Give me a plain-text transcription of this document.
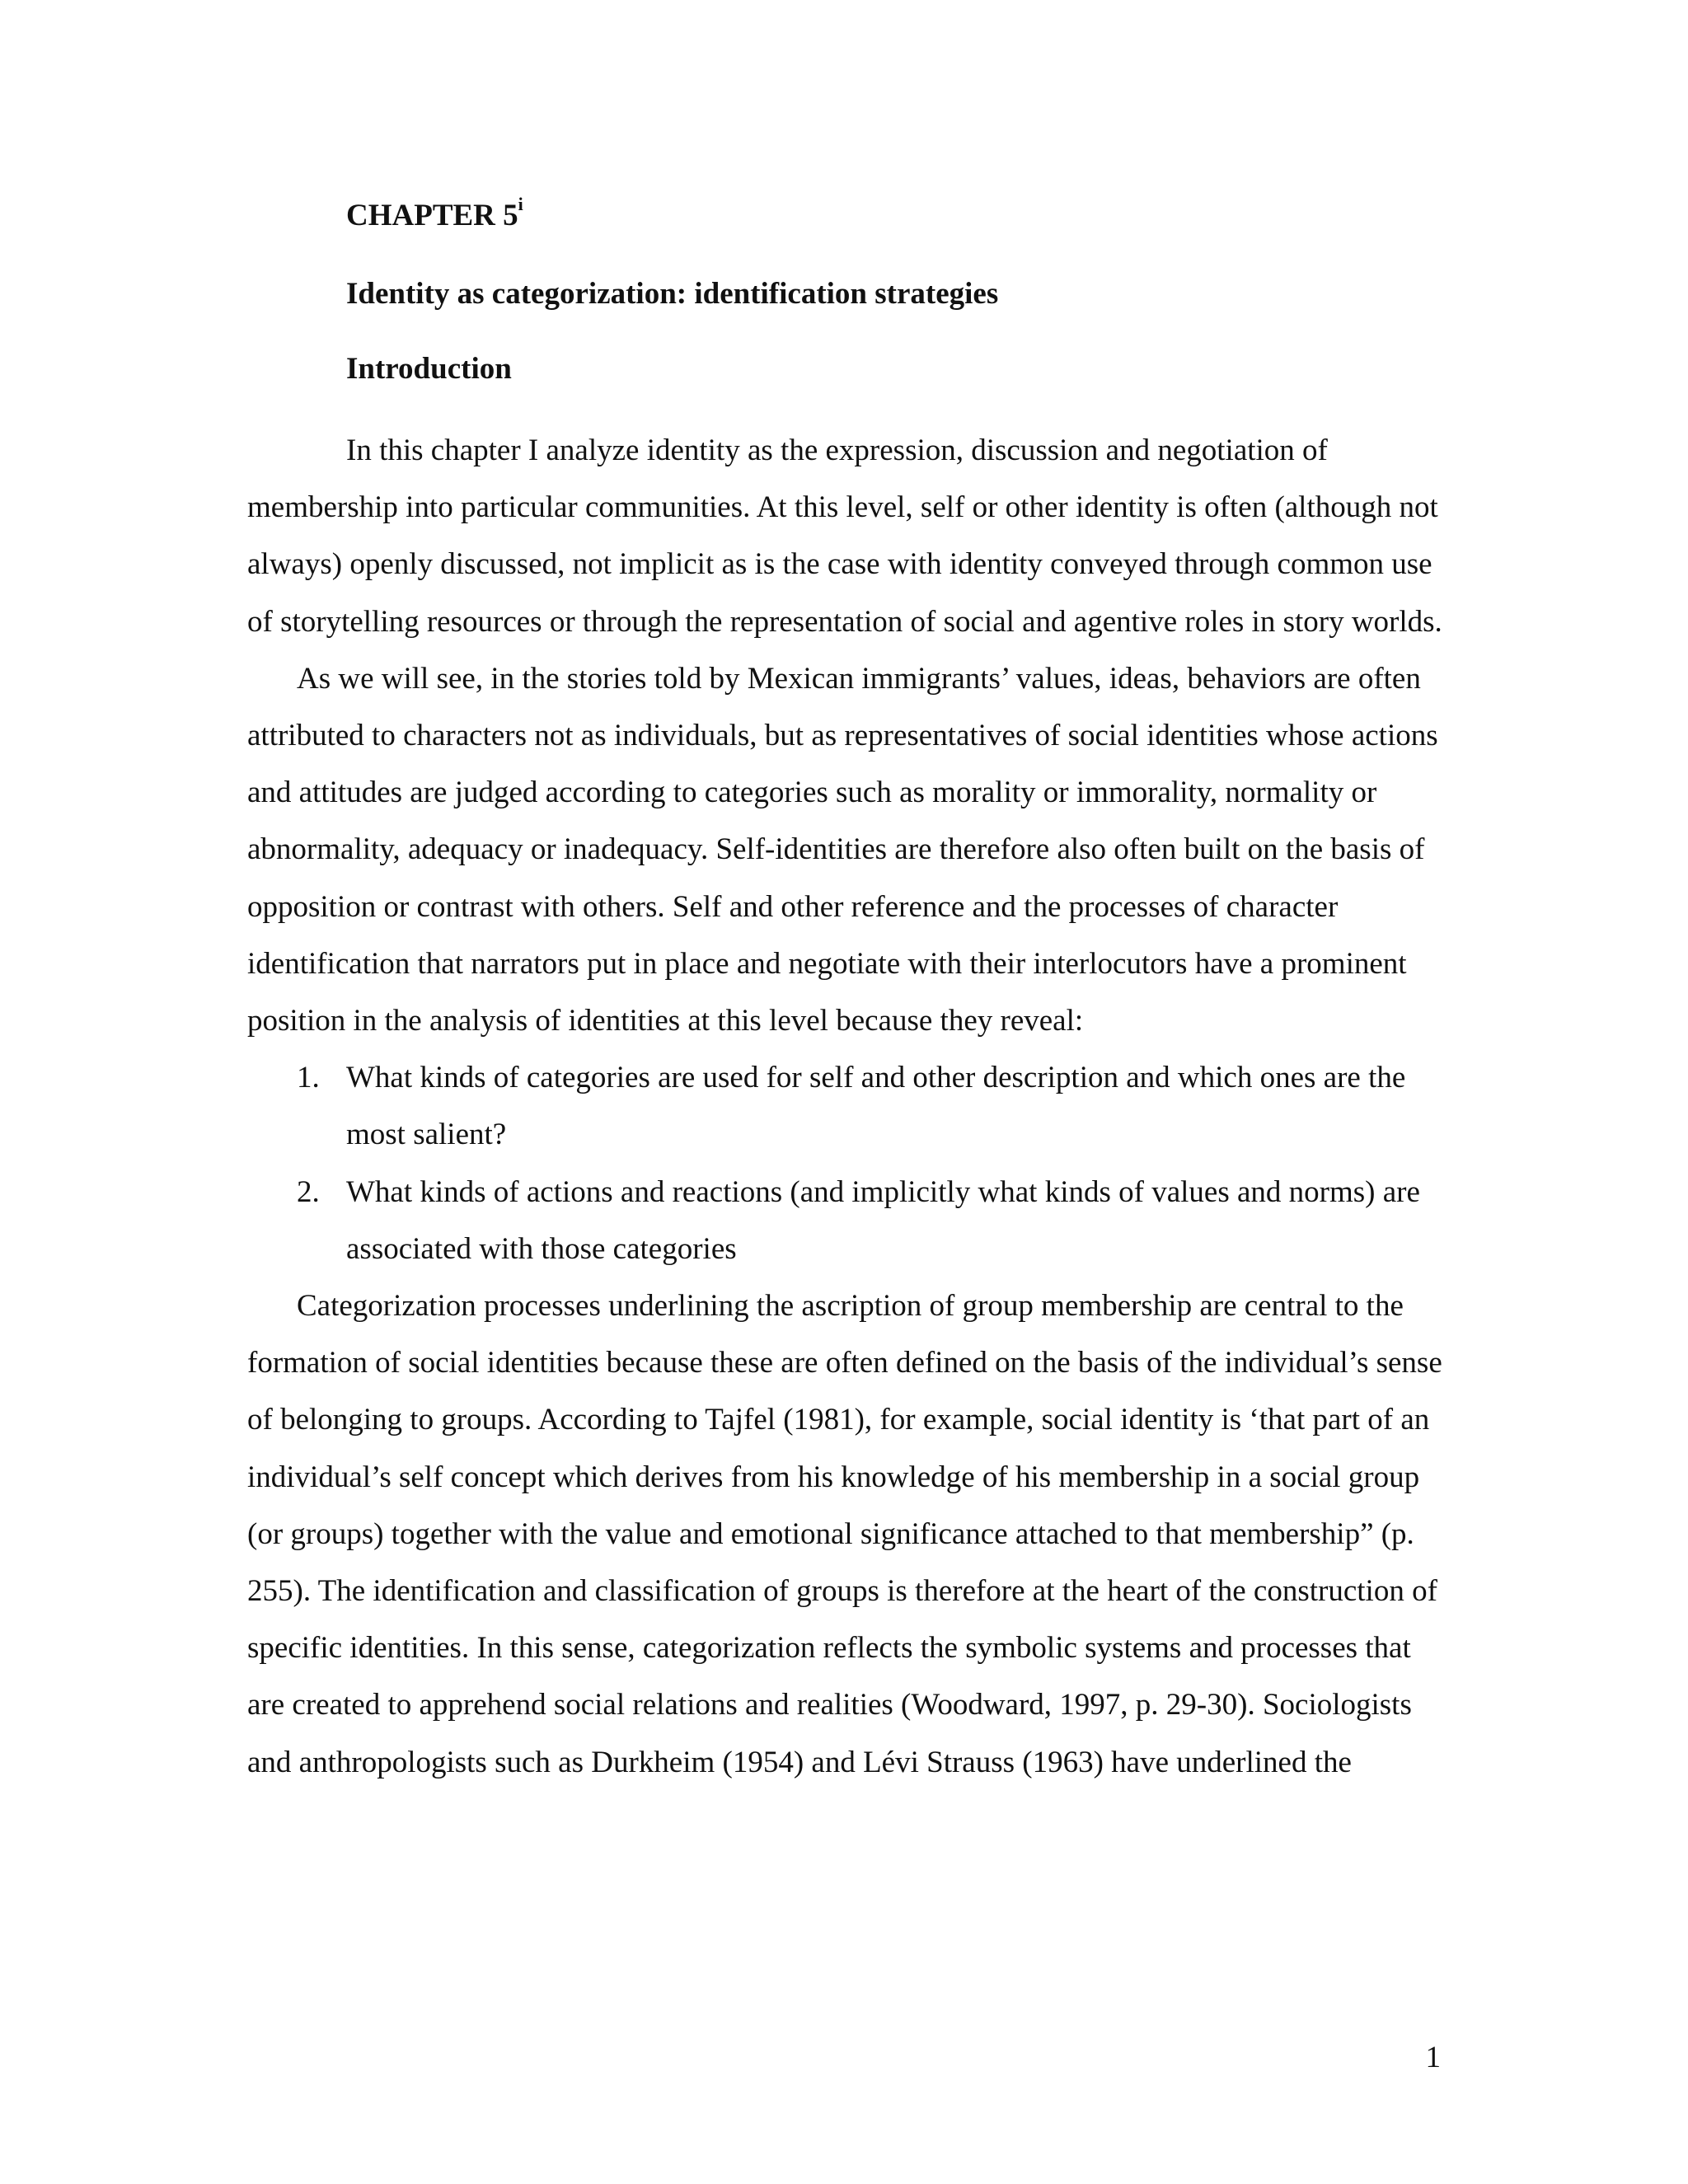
CHAPTER 5$^i$
Identity as categorization: identification strategies
Introduction

In this chapter I analyze identity as the expression, discussion and negotiation of membership into particular communities. At this level, self or other identity is often (although not always) openly discussed, not implicit as is the case with identity conveyed through common use of storytelling resources or through the representation of social and agentive roles in story worlds.

As we will see, in the stories told by Mexican immigrants’ values, ideas, behaviors are often attributed to characters not as individuals, but as representatives of social identities whose actions and attitudes are judged according to categories such as morality or immorality, normality or abnormality, adequacy or inadequacy. Self-identities are therefore also often built on the basis of opposition or contrast with others. Self and other reference and the processes of character identification that narrators put in place and negotiate with their interlocutors have a prominent position in the analysis of identities at this level because they reveal:

1. What kinds of categories are used for self and other description and which ones are the most salient?
2. What kinds of actions and reactions (and implicitly what kinds of values and norms) are associated with those categories

Categorization processes underlining the ascription of group membership are central to the formation of social identities because these are often defined on the basis of the individual’s sense of belonging to groups. According to Tajfel (1981), for example, social identity is ‘that part of an individual’s self concept which derives from his knowledge of his membership in a social group (or groups) together with the value and emotional significance attached to that membership” (p. 255). The identification and classification of groups is therefore at the heart of the construction of specific identities. In this sense, categorization reflects the symbolic systems and processes that are created to apprehend social relations and realities (Woodward, 1997, p. 29-30). Sociologists and anthropologists such as Durkheim (1954) and Lévi Strauss (1963) have underlined the

1
